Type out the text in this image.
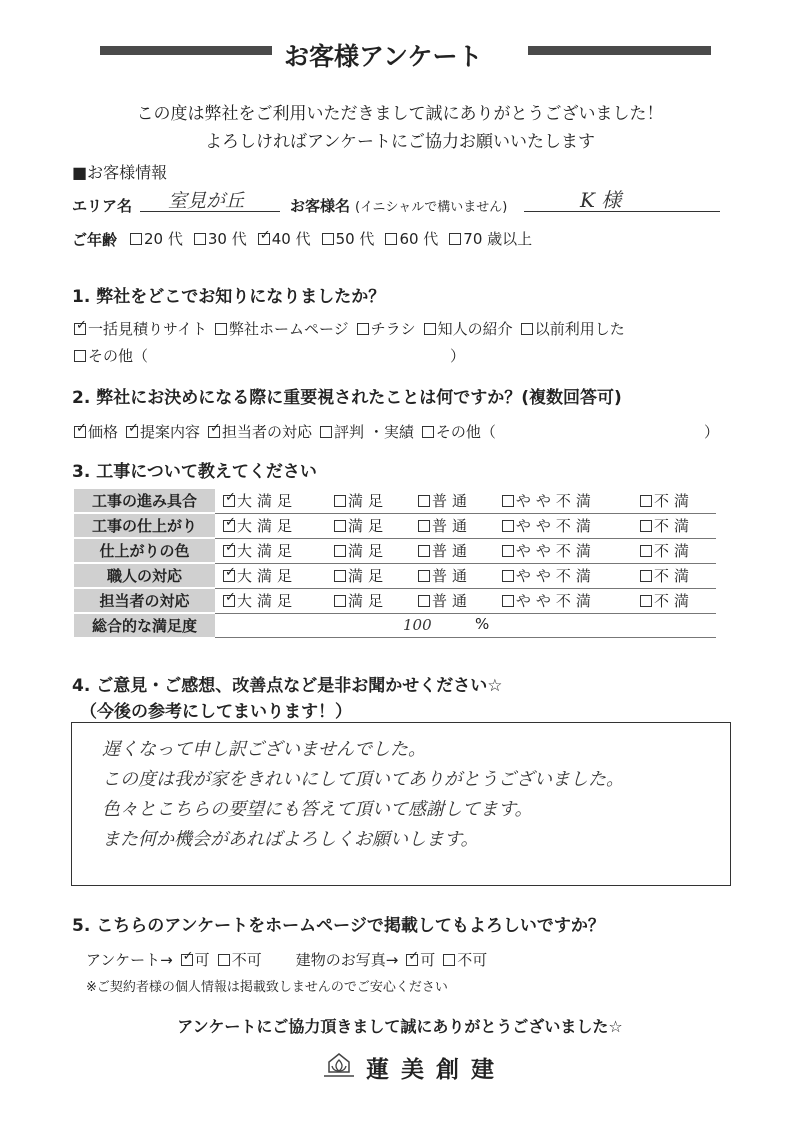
お客様アンケート
この度は弊社をご利用いただきまして誠にありがとうございました！
よろしければアンケートにご協力お願いいたします
■お客様情報
エリア名 室見が丘	お客様名 (イニシャルで構いません)	K 様
ご年齢	20 代	30 代 ✓	40 代	50 代	60 代	70 歳以上
1. 弊社をどこでお知りになりましたか？
✓一括見積りサイト	弊社ホームページ	チラシ	知人の紹介	以前利用した
その他（	）
2. 弊社にお決めになる際に重要視されたことは何ですか？(複数回答可)
✓価格 ✓	提案内容 ✓	担当者の対応	評判 ・実績	その他（	）
3. 工事について教えてください
工事の進み具合	✓大満足	満足	普通	やや不満	不満
工事の仕上がり	✓大満足	満足	普通	やや不満	不満
仕上がりの色	✓大満足	満足	普通	やや不満	不満
職人の対応	✓大満足	満足	普通	やや不満	不満
担当者の対応	✓大満足	満足	普通	やや不満	不満
総合的な満足度	100 %				
4. ご意見・ご感想、改善点など是非お聞かせください☆
（今後の参考にしてまいります！）
遅くなって申し訳ございませんでした。
この度は我が家をきれいにして頂いてありがとうございました。
色々とこちらの要望にも答えて頂いて感謝してます。
また何か機会があればよろしくお願いします。
5. こちらのアンケートをホームページで掲載してもよろしいですか？
アンケート→ ✓	可	不可 建物のお写真→ ✓	可	不可
※ご契約者様の個人情報は掲載致しませんのでご安心ください
アンケートにご協力頂きまして誠にありがとうございました☆
蓮 美 創 建
